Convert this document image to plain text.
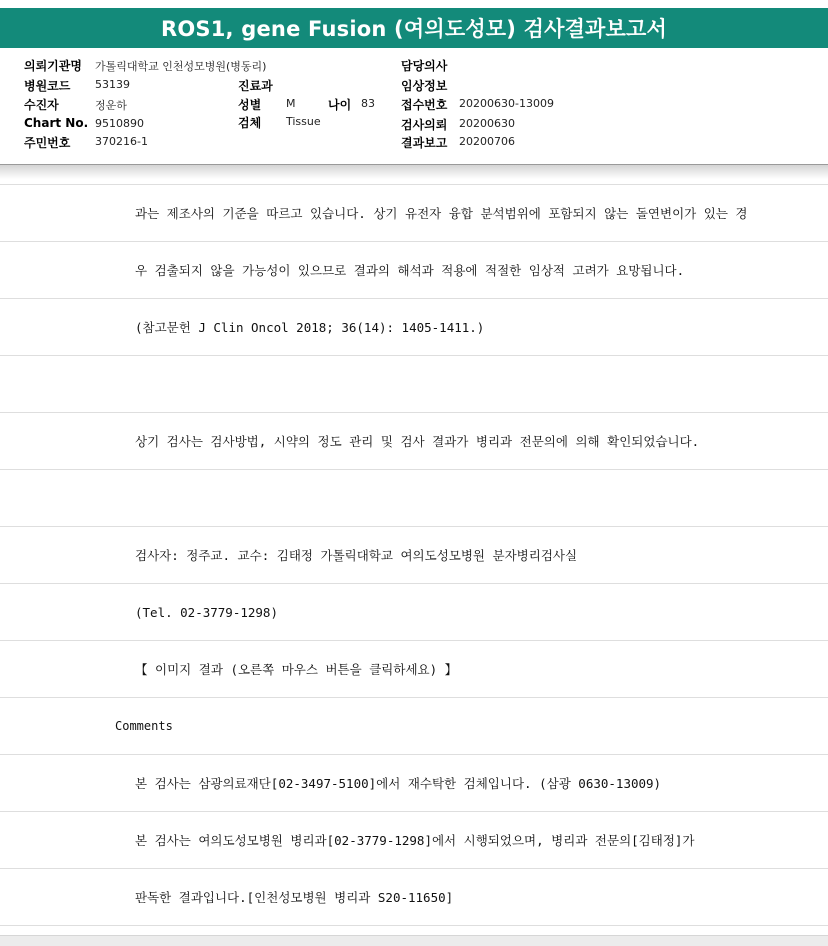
ROS1, gene Fusion (여의도성모) 검사결과보고서
의뢰기관명 가톨릭대학교 인천성모병원(병동리)
병원코드 53139
수진자	정운하
Chart No. 9510890
주민번호 370216-1
진료과
성별 M	나이 83
검체 Tissue
담당의사
임상정보
접수번호 20200630-13009
검사의뢰 20200630
결과보고 20200706
과는 제조사의 기준을 따르고 있습니다. 상기 유전자 융합 분석범위에 포함되지 않는 돌연변이가 있는 경
우 검출되지 않을 가능성이 있으므로 결과의 해석과 적용에 적절한 임상적 고려가 요망됩니다.
(참고문헌 J Clin Oncol 2018; 36(14): 1405-1411.)
상기 검사는 검사방법, 시약의 정도 관리 및 검사 결과가 병리과 전문의에 의해 확인되었습니다.
검사자: 정주교. 교수: 김태정 가톨릭대학교 여의도성모병원 분자병리검사실
(Tel. 02-3779-1298)
【 이미지 결과 (오른쪽 마우스 버튼을 클릭하세요) 】
Comments
본 검사는 삼광의료재단[02-3497-5100]에서 재수탁한 검체입니다. (삼광 0630-13009)
본 검사는 여의도성모병원 병리과[02-3779-1298]에서 시행되었으며, 병리과 전문의[김태정]가
판독한 결과입니다.[인천성모병원 병리과 S20-11650]
